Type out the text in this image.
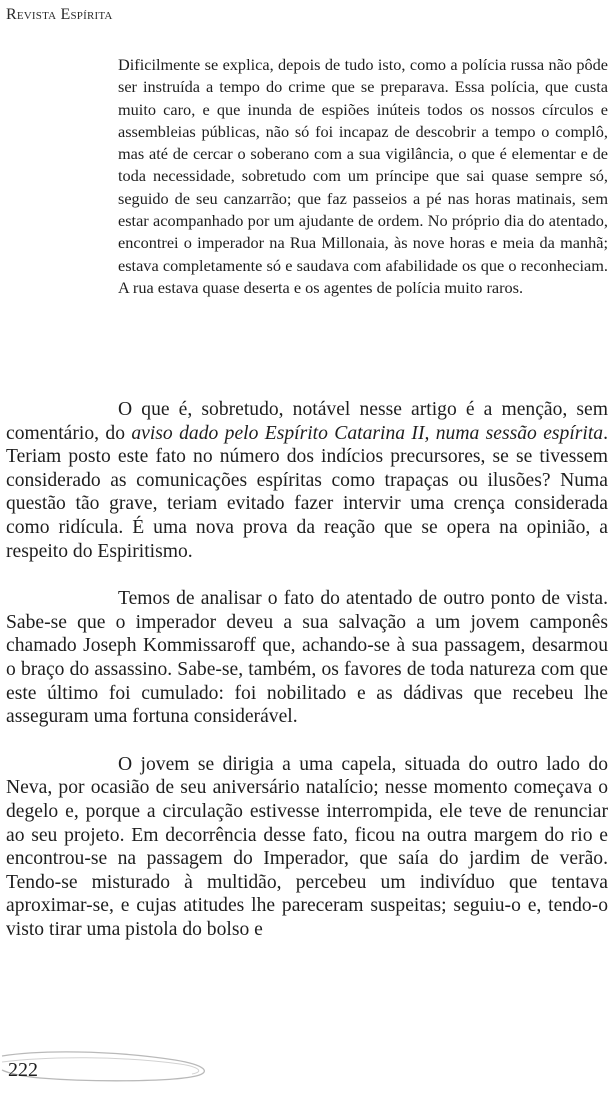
Revista Espírita

Dificilmente se explica, depois de tudo isto, como a polícia russa não pôde ser instruída a tempo do crime que se preparava. Essa polícia, que custa muito caro, e que inunda de espiões inúteis todos os nossos círculos e assembleias públicas, não só foi incapaz de descobrir a tempo o complô, mas até de cercar o soberano com a sua vigilância, o que é elementar e de toda necessidade, sobretudo com um príncipe que sai quase sempre só, seguido de seu canzarrão; que faz passeios a pé nas horas matinais, sem estar acompanhado por um ajudante de ordem. No próprio dia do atentado, encontrei o imperador na Rua Millonaia, às nove horas e meia da manhã; estava completamente só e saudava com afabilidade os que o reconheciam. A rua estava quase deserta e os agentes de polícia muito raros.

O que é, sobretudo, notável nesse artigo é a menção, sem comentário, do aviso dado pelo Espírito Catarina II, numa sessão espírita. Teriam posto este fato no número dos indícios precursores, se se tivessem considerado as comunicações espíritas como trapaças ou ilusões? Numa questão tão grave, teriam evitado fazer intervir uma crença considerada como ridícula. É uma nova prova da reação que se opera na opinião, a respeito do Espiritismo.

Temos de analisar o fato do atentado de outro ponto de vista. Sabe-se que o imperador deveu a sua salvação a um jovem camponês chamado Joseph Kommissaroff que, achando-se à sua passagem, desarmou o braço do assassino. Sabe-se, também, os favores de toda natureza com que este último foi cumulado: foi nobilitado e as dádivas que recebeu lhe asseguram uma fortuna considerável.

O jovem se dirigia a uma capela, situada do outro lado do Neva, por ocasião de seu aniversário natalício; nesse momento começava o degelo e, porque a circulação estivesse interrompida, ele teve de renunciar ao seu projeto. Em decorrência desse fato, ficou na outra margem do rio e encontrou-se na passagem do Imperador, que saía do jardim de verão. Tendo-se misturado à multidão, percebeu um indivíduo que tentava aproximar-se, e cujas atitudes lhe pareceram suspeitas; seguiu-o e, tendo-o visto tirar uma pistola do bolso e

222
